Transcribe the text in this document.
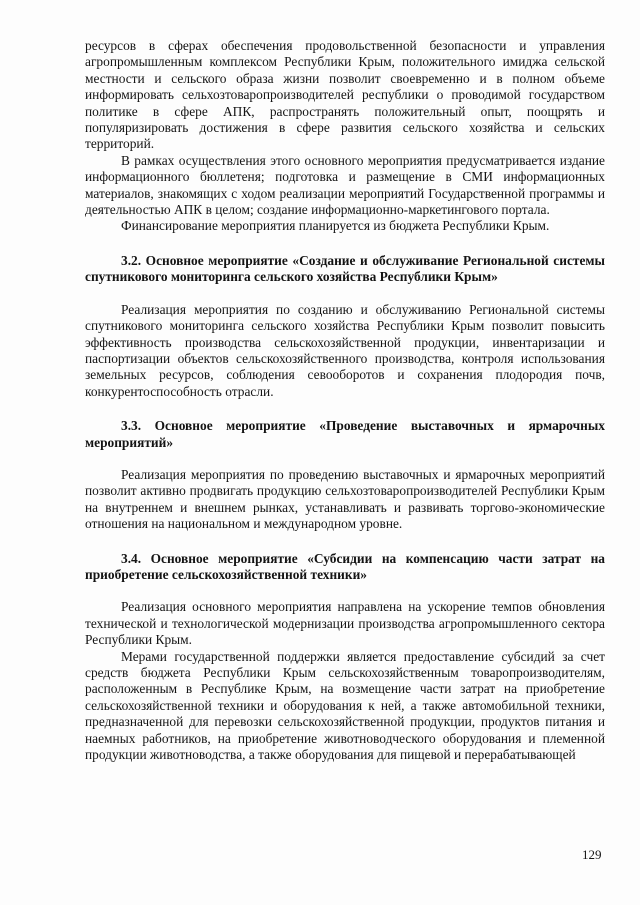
ресурсов в сферах обеспечения продовольственной безопасности и управления агропромышленным комплексом Республики Крым, положительного имиджа сельской местности и сельского образа жизни позволит своевременно и в полном объеме информировать сельхозтоваропроизводителей республики о проводимой государством политике в сфере АПК, распространять положительный опыт, поощрять и популяризировать достижения в сфере развития сельского хозяйства и сельских территорий.

В рамках осуществления этого основного мероприятия предусматривается издание информационного бюллетеня; подготовка и размещение в СМИ информационных материалов, знакомящих с ходом реализации мероприятий Государственной программы и деятельностью АПК в целом; создание информационно-маркетингового портала.

Финансирование мероприятия планируется из бюджета Республики Крым.

3.2. Основное мероприятие «Создание и обслуживание Региональной системы спутникового мониторинга сельского хозяйства Республики Крым»

Реализация мероприятия по созданию и обслуживанию Региональной системы спутникового мониторинга сельского хозяйства Республики Крым позволит повысить эффективность производства сельскохозяйственной продукции, инвентаризации и паспортизации объектов сельскохозяйственного производства, контроля использования земельных ресурсов, соблюдения севооборотов и сохранения плодородия почв, конкурентоспособность отрасли.

3.3. Основное мероприятие «Проведение выставочных и ярмарочных мероприятий»

Реализация мероприятия по проведению выставочных и ярмарочных мероприятий позволит активно продвигать продукцию сельхозтоваропроизводителей Республики Крым на внутреннем и внешнем рынках, устанавливать и развивать торгово-экономические отношения на национальном и международном уровне.

3.4. Основное мероприятие «Субсидии на компенсацию части затрат на приобретение сельскохозяйственной техники»

Реализация основного мероприятия направлена на ускорение темпов обновления технической и технологической модернизации производства агропромышленного сектора Республики Крым.

Мерами государственной поддержки является предоставление субсидий за счет средств бюджета Республики Крым сельскохозяйственным товаропроизводителям, расположенным в Республике Крым, на возмещение части затрат на приобретение сельскохозяйственной техники и оборудования к ней, а также автомобильной техники, предназначенной для перевозки сельскохозяйственной продукции, продуктов питания и наемных работников, на приобретение животноводческого оборудования и племенной продукции животноводства, а также оборудования для пищевой и перерабатывающей

129
